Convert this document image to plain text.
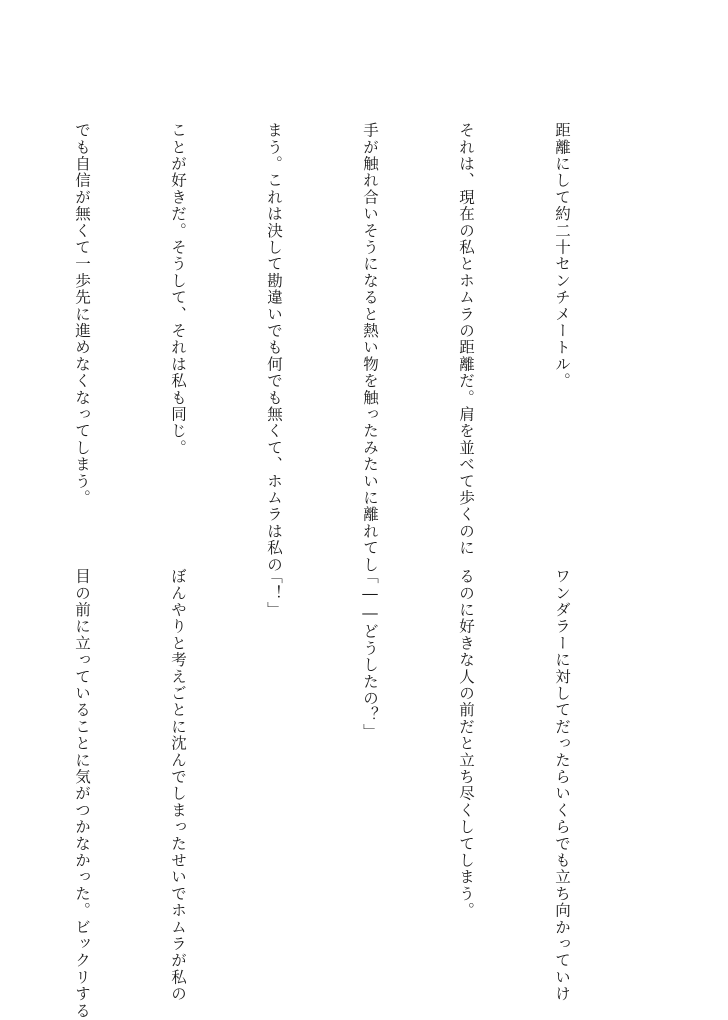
距離にして約二十センチメートル。

それは、現在の私とホムラの距離だ。肩を並べて歩くのに

手が触れ合いそうになると熱い物を触ったみたいに離れてし

まう。これは決して勘違いでも何でも無くて、ホムラは私の

ことが好きだ。そうして、それは私も同じ。

でも自信が無くて一歩先に進めなくなってしまう。

ワンダラーに対してだったらいくらでも立ち向かっていけ

るのに好きな人の前だと立ち尽くしてしまう。

「――どうしたの？」

「！」

ぼんやりと考えごとに沈んでしまったせいでホムラが私の

目の前に立っていることに気がつかなかった。ビックリする
